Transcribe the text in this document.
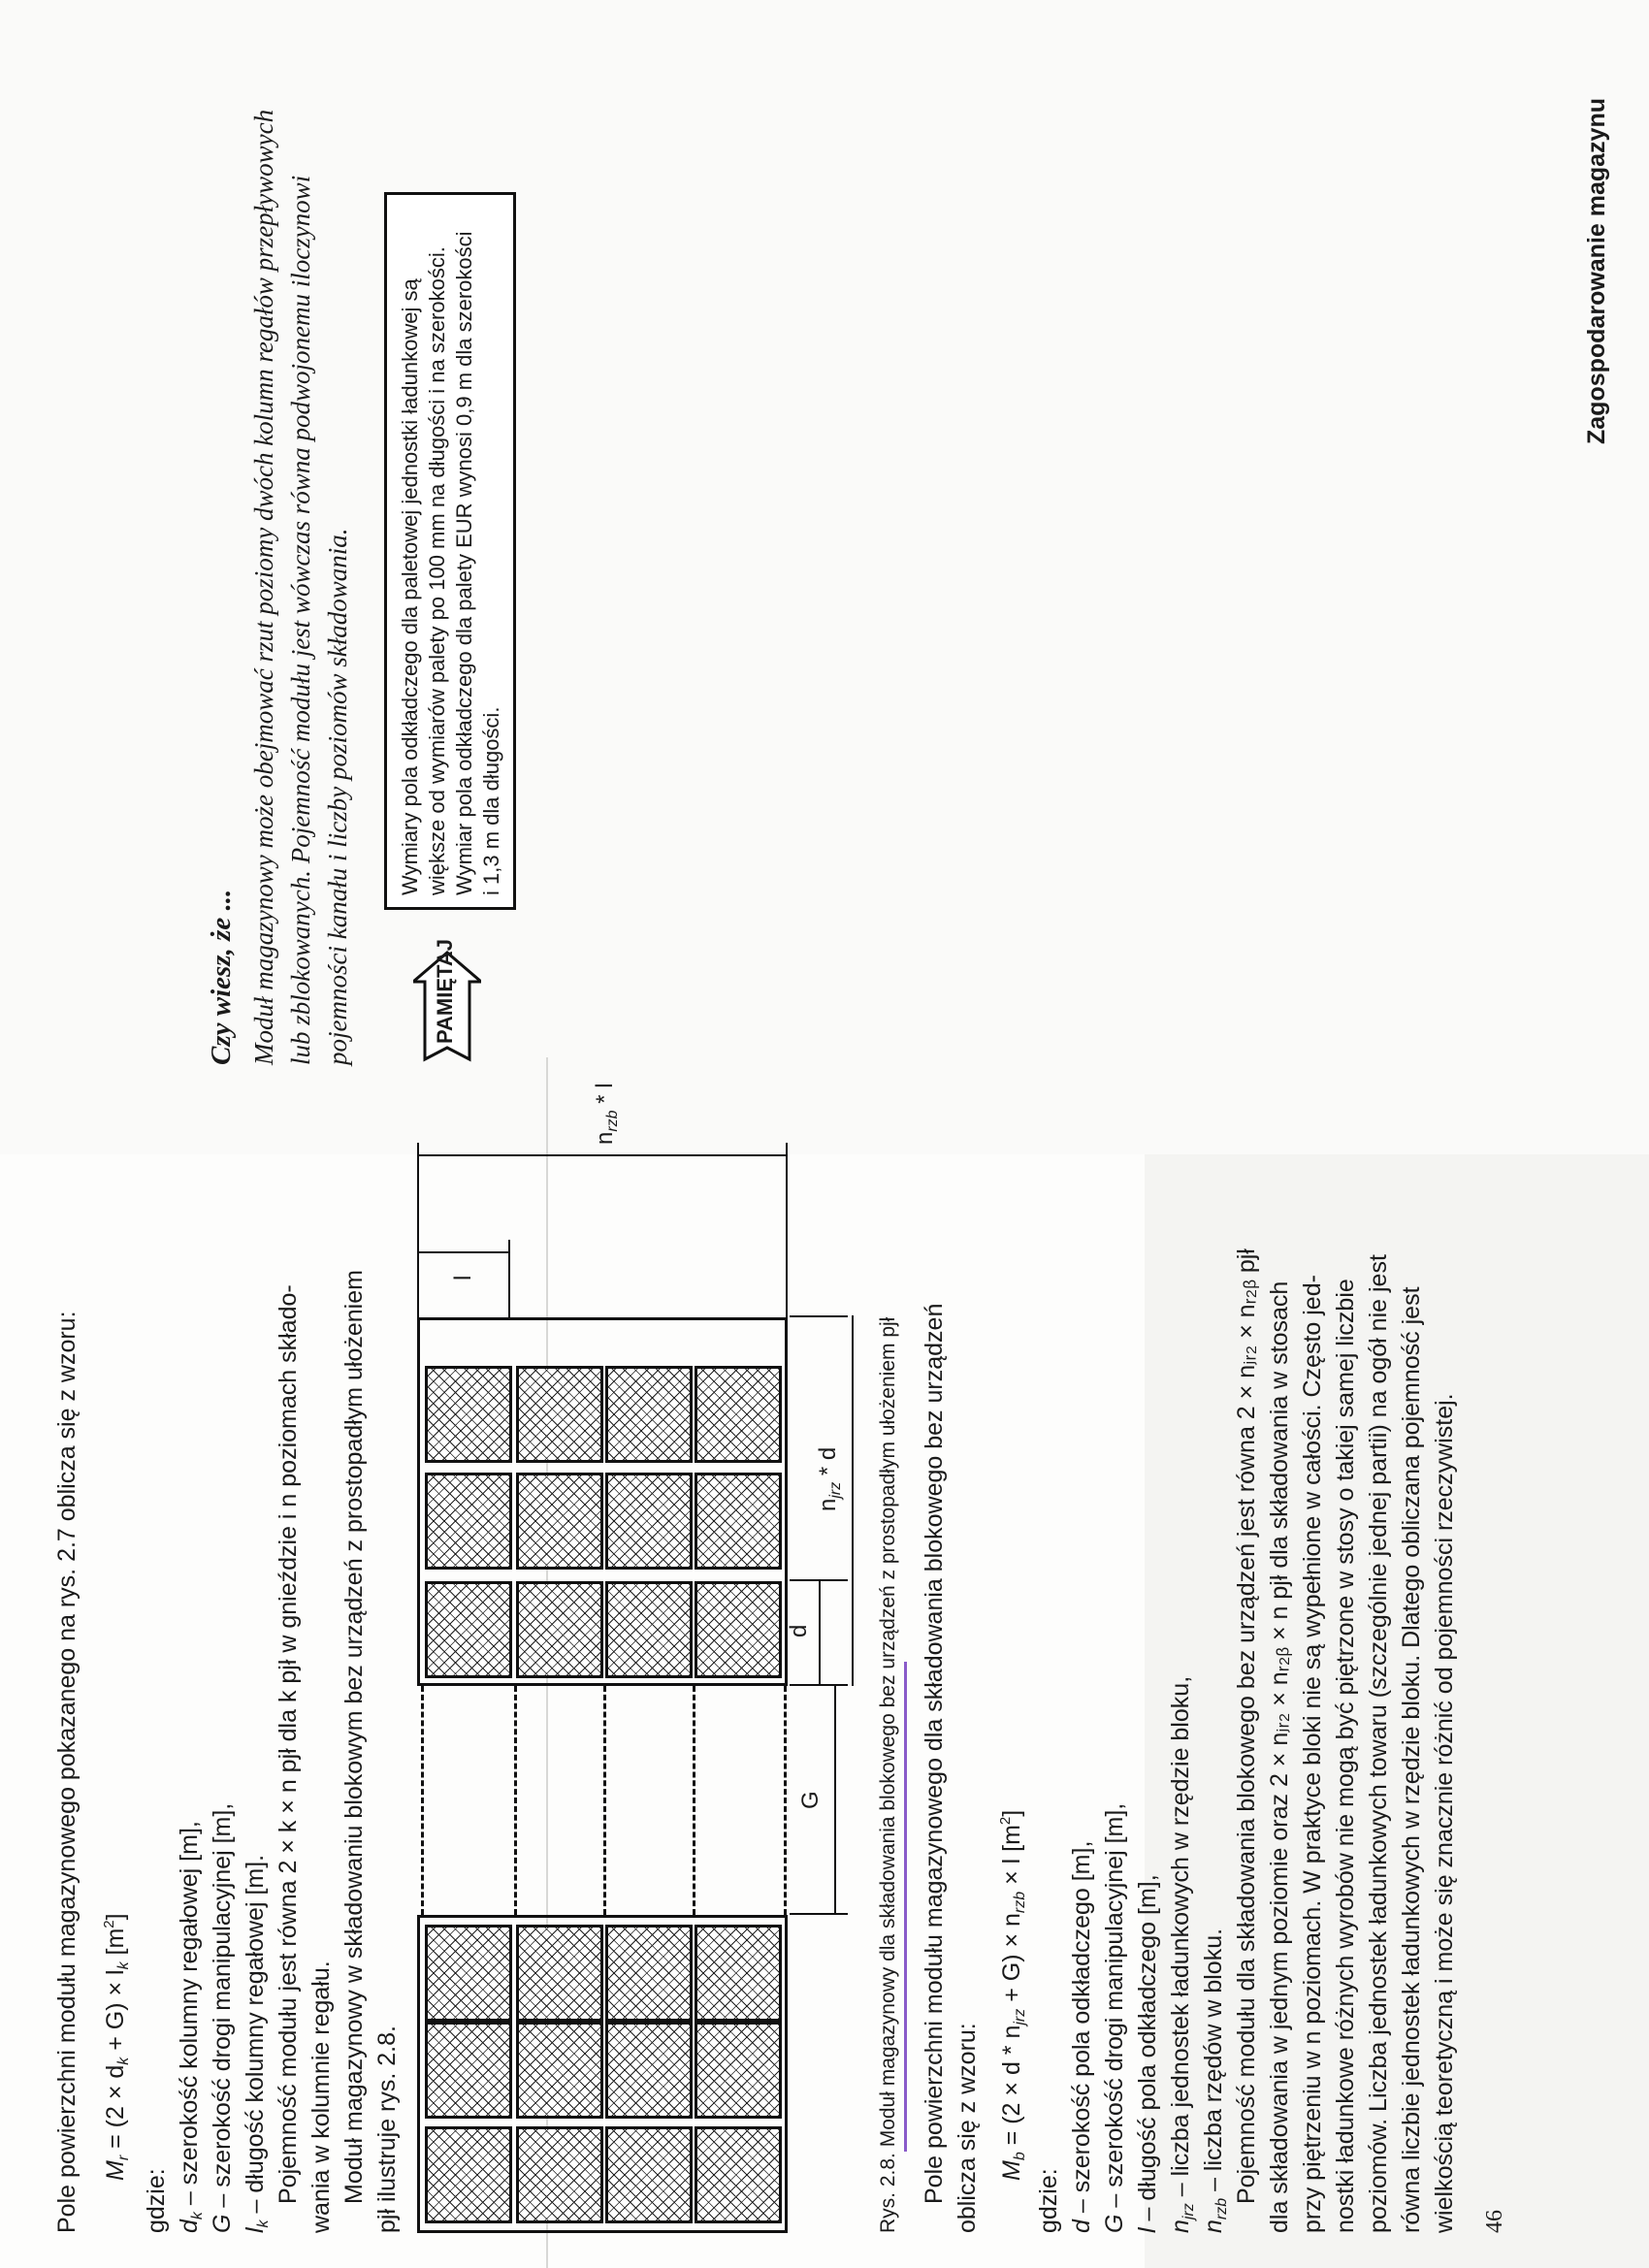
Pole powierzchni modułu magazynowego pokazanego na rys. 2.7 oblicza się z wzoru: $M_r = (2 \times d_k + G) \times l_k$ $[m^2]$
gdzie: $d_k$ – szerokość kolumny regałowej [m],
G – szerokość drogi manipulacyjnej [m],
$l_k$ – długość kolumny regałowej [m]. Pojemność modułu jest równa 2 × k × n pjł dla k pjł w gnieździe i n poziomach składo- wania w kolumnie regału. Moduł magazynowy w składowaniu blokowym bez urządzeń z prostopadłym ułożeniem pjł ilustruje rys. 2.8.
G
d
$n_{jrz}$ * d
l
$n_{rzb}$ * l
Rys. 2.8. Moduł magazynowy dla składowania blokowego bez urządzeń z prostopadłym ułożeniem pjł Pole powierzchni modułu magazynowego dla składowania blokowego bez urządzeń oblicza się z wzoru: $M_b = (2 \times d * n_{jrz} + G) \times n_{rzb} \times l$ $[m^2]$
gdzie: d – szerokość pola odkładczego [m],
G – szerokość drogi manipulacyjnej [m],
l – długość pola odkładczego [m], $n_{jrz}$ – liczba jednostek ładunkowych w rzędzie bloku,
$n_{rzb}$ – liczba rzędów w bloku. Pojemność modułu dla składowania blokowego bez urządzeń jest równa 2 × nⱼᵣ₂ × nᵣ₂ᵦ pjł dla składowania w jednym poziomie oraz 2 × nⱼᵣ₂ × nᵣ₂ᵦ × n pjł dla składowania w stosach przy piętrzeniu w n poziomach. W praktyce bloki nie są wypełnione w całości. Często jed- nostki ładunkowe różnych wyrobów nie mogą być piętrzone w stosy o takiej samej liczbie poziomów. Liczba jednostek ładunkowych towaru (szczególnie jednej partii) na ogół nie jest równa liczbie jednostek ładunkowych w rzędzie bloku. Dlatego obliczana pojemność jest wielkością teoretyczną i może się znacznie różnić od pojemności rzeczywistej. 46
Zagospodarowanie magazynu
Czy wiesz, że ... Moduł magazynowy może obejmować rzut poziomy dwóch kolumn regałów przepływowych lub zblokowanych. Pojemność modułu jest wówczas równa podwojonemu iloczynowi pojemności kanału i liczby poziomów składowania.	PAMIĘTAJ
Wymiary pola odkładczego dla paletowej jednostki ładunkowej są większe od wymiarów palety po 100 mm na długości i na szerokości. Wymiar pola odkładczego dla palety EUR wynosi 0,9 m dla szerokości i 1,3 m dla długości.
